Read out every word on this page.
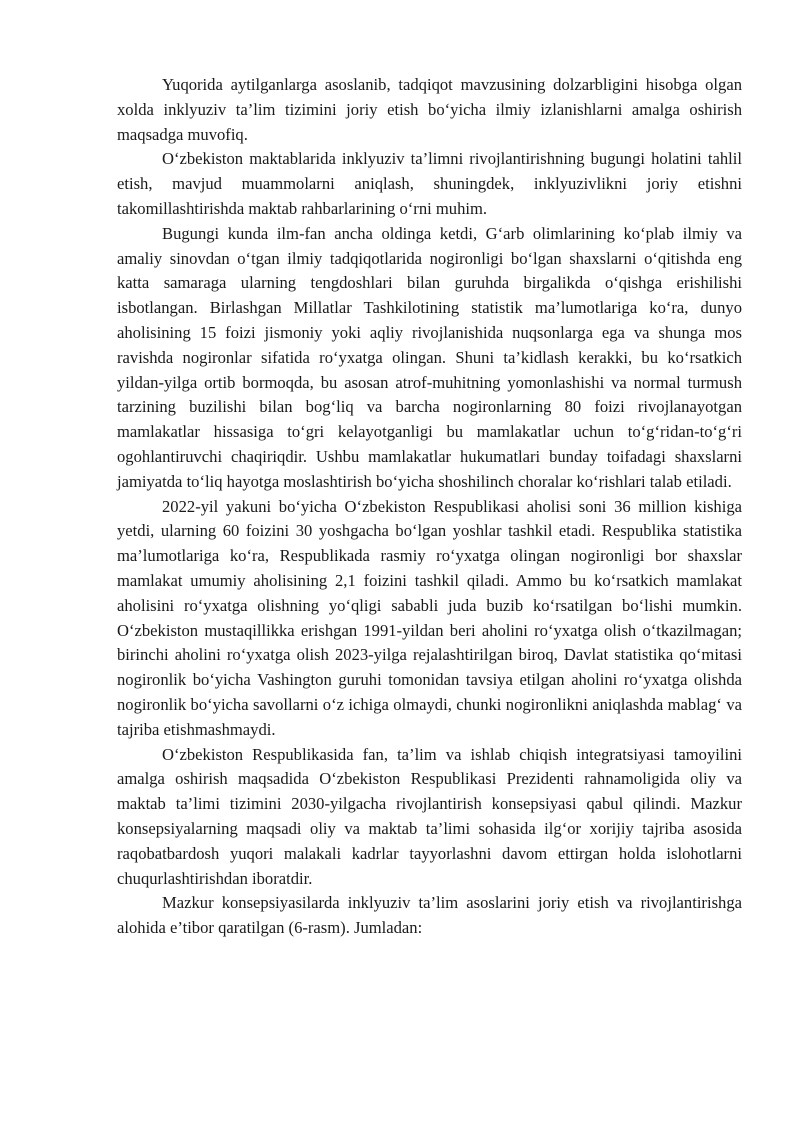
Yuqorida aytilganlarga asoslanib, tadqiqot mavzusining dolzarbligini hisobga olgan xolda inklyuziv ta’lim tizimini joriy etish bo‘yicha ilmiy izlanishlarni amalga oshirish maqsadga muvofiq.

O‘zbekiston maktablarida inklyuziv ta’limni rivojlantirishning bugungi holatini tahlil etish, mavjud muammolarni aniqlash, shuningdek, inklyuzivlikni joriy etishni takomillashtirishda maktab rahbarlarining o‘rni muhim.

Bugungi kunda ilm-fan ancha oldinga ketdi, G‘arb olimlarining ko‘plab ilmiy va amaliy sinovdan o‘tgan ilmiy tadqiqotlarida nogironligi bo‘lgan shaxslarni o‘qitishda eng katta samaraga ularning tengdoshlari bilan guruhda birgalikda o‘qishga erishilishi isbotlangan. Birlashgan Millatlar Tashkilotining statistik ma’lumotlariga ko‘ra, dunyo aholisining 15 foizi jismoniy yoki aqliy rivojlanishida nuqsonlarga ega va shunga mos ravishda nogironlar sifatida ro‘yxatga olingan. Shuni ta’kidlash kerakki, bu ko‘rsatkich yildan-yilga ortib bormoqda, bu asosan atrof-muhitning yomonlashishi va normal turmush tarzining buzilishi bilan bog‘liq va barcha nogironlarning 80 foizi rivojlanayotgan mamlakatlar hissasiga to‘gri kelayotganligi bu mamlakatlar uchun to‘g‘ridan-to‘g‘ri ogohlantiruvchi chaqiriqdir. Ushbu mamlakatlar hukumatlari bunday toifadagi shaxslarni jamiyatda to‘liq hayotga moslashtirish bo‘yicha shoshilinch choralar ko‘rishlari talab etiladi.

2022-yil yakuni bo‘yicha O‘zbekiston Respublikasi aholisi soni 36 million kishiga yetdi, ularning 60 foizini 30 yoshgacha bo‘lgan yoshlar tashkil etadi. Respublika statistika ma’lumotlariga ko‘ra, Respublikada rasmiy ro‘yxatga olingan nogironligi bor shaxslar mamlakat umumiy aholisining 2,1 foizini tashkil qiladi. Ammo bu ko‘rsatkich mamlakat aholisini ro‘yxatga olishning yo‘qligi sababli juda buzib ko‘rsatilgan bo‘lishi mumkin. O‘zbekiston mustaqillikka erishgan 1991-yildan beri aholini ro‘yxatga olish o‘tkazilmagan; birinchi aholini ro‘yxatga olish 2023-yilga rejalashtirilgan biroq, Davlat statistika qo‘mitasi nogironlik bo‘yicha Vashington guruhi tomonidan tavsiya etilgan aholini ro‘yxatga olishda nogironlik bo‘yicha savollarni o‘z ichiga olmaydi, chunki nogironlikni aniqlashda mablag‘ va tajriba etishmashmaydi.

O‘zbekiston Respublikasida fan, ta’lim va ishlab chiqish integratsiyasi tamoyilini amalga oshirish maqsadida O‘zbekiston Respublikasi Prezidenti rahnamoligida oliy va maktab ta’limi tizimini 2030-yilgacha rivojlantirish konsepsiyasi qabul qilindi. Mazkur konsepsiyalarning maqsadi oliy va maktab ta’limi sohasida ilg‘or xorijiy tajriba asosida raqobatbardosh yuqori malakali kadrlar tayyorlashni davom ettirgan holda islohotlarni chuqurlashtirishdan iboratdir.

Mazkur konsepsiyasilarda inklyuziv ta’lim asoslarini joriy etish va rivojlantirishga alohida e’tibor qaratilgan (6-rasm). Jumladan:
